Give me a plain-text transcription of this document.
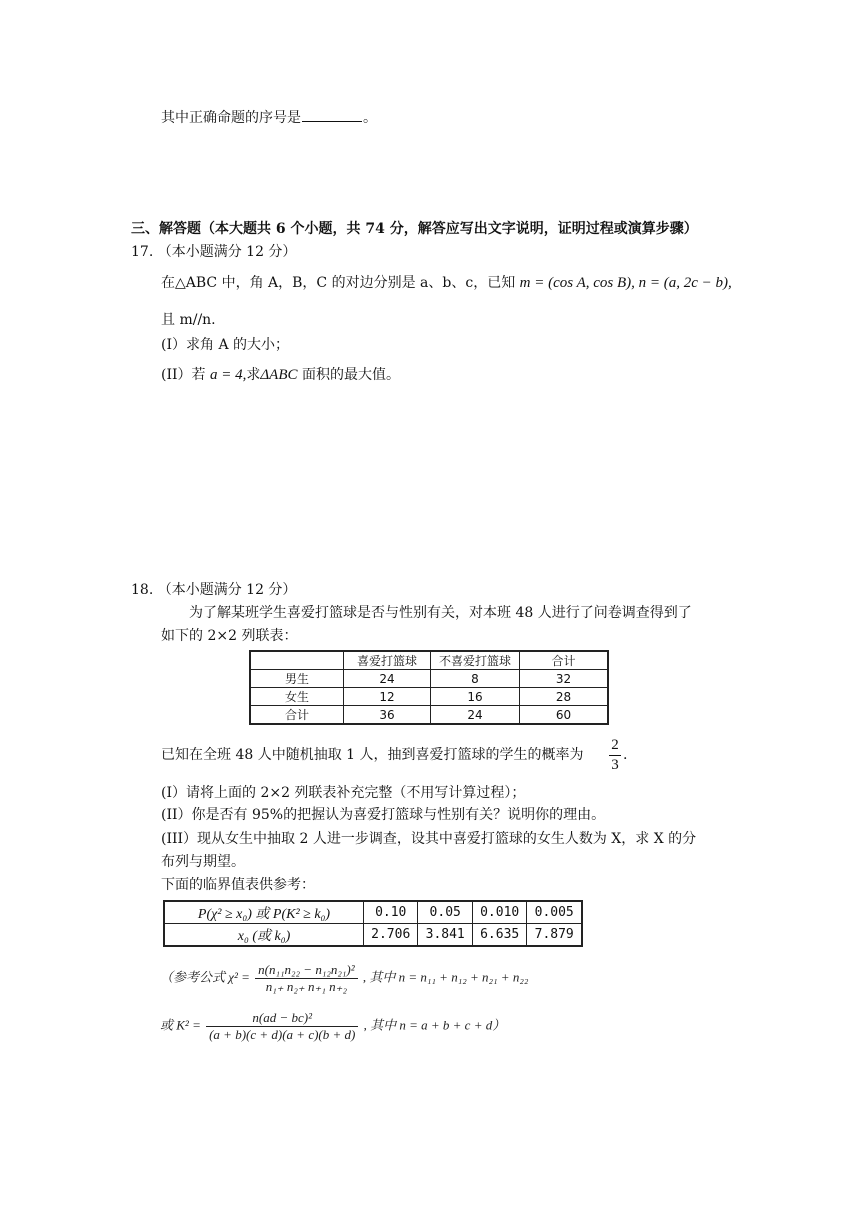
其中正确命题的序号是	。
三、解答题（本大题共 6 个小题，共 74 分，解答应写出文字说明，证明过程或演算步骤）
17. （本小题满分 12 分）
在△ABC 中，角 A，B，C 的对边分别是 a、b、c，已知 m = (cos A, cos B), n = (a, 2c − b),
且 m//n.
(I）求角 A 的大小；
(II）若 a = 4,求ΔABC 面积的最大值。
18. （本小题满分 12 分）
为了解某班学生喜爱打篮球是否与性别有关，对本班 48 人进行了问卷调查得到了
如下的 2×2 列联表：
	喜爱打篮球	不喜爱打篮球	合计
男生	24	8	32
女生	12	16	28
合计	36	24	60
已知在全班 48 人中随机抽取 1 人，抽到喜爱打篮球的学生的概率为
2
3
.
(I）请将上面的 2×2 列联表补充完整（不用写计算过程）；
(II）你是否有 95%的把握认为喜爱打篮球与性别有关？说明你的理由。
(III）现从女生中抽取 2 人进一步调查，设其中喜爱打篮球的女生人数为 X，求 X 的分
布列与期望。
下面的临界值表供参考：
P(χ² ≥ x₀) 或 P(K² ≥ k₀)	0.10	0.05	0.010	0.005
x₀ (或 k₀)	2.706	3.841	6.635	7.879
（参考公式 $\chi^2 = \frac{\text{n(n₁₁n₂₂ − n₁₂n₂₁)²}}{\text{n₁₊ n₂₊ n₊₁ n₊₂}}$ , 其中 n = n₁₁ + n₁₂ + n₂₁ + n₂₂
或 $K^2 = \frac{\text{n(ad − bc)²}}{(a + b)(c + d)(a + c)(b + d)}$ , 其中 n = a + b + c + d）
